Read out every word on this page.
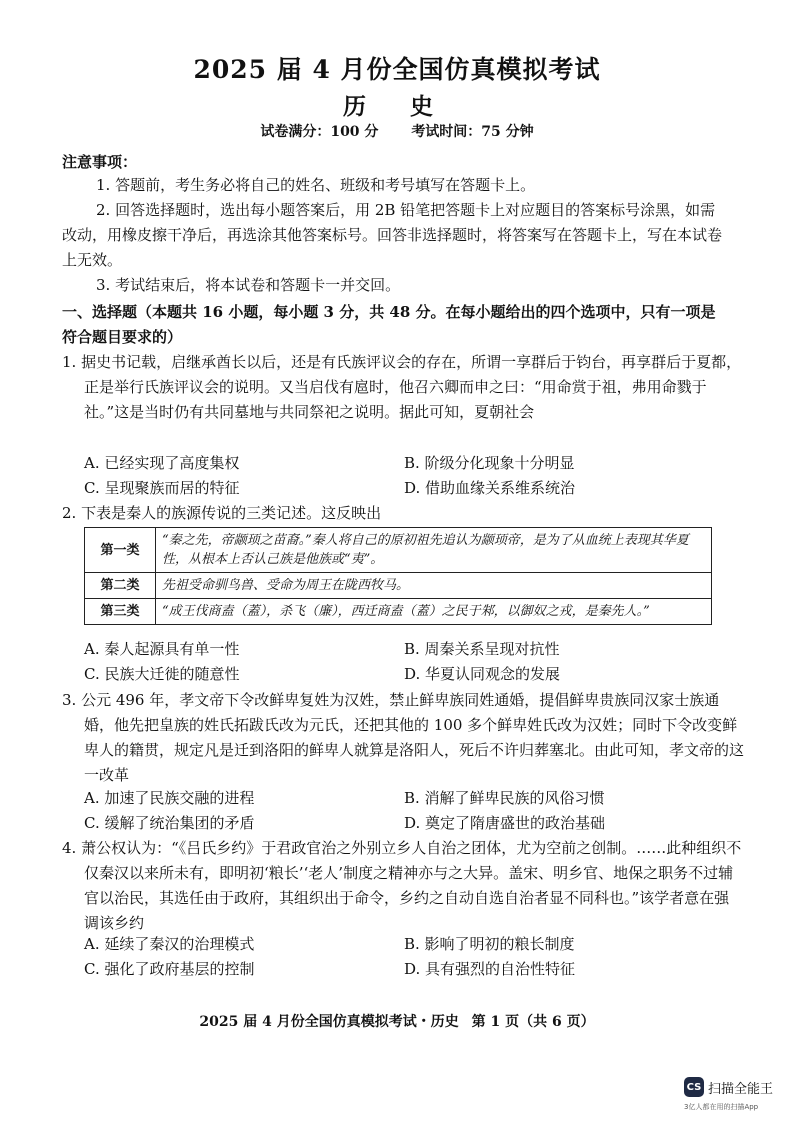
2025 届 4 月份全国仿真模拟考试
历 史
试卷满分：100 分 考试时间：75 分钟
注意事项：
1. 答题前，考生务必将自己的姓名、班级和考号填写在答题卡上。
2. 回答选择题时，选出每小题答案后，用 2B 铅笔把答题卡上对应题目的答案标号涂黑，如需改动，用橡皮擦干净后，再选涂其他答案标号。回答非选择题时，将答案写在答题卡上，写在本试卷上无效。
3. 考试结束后，将本试卷和答题卡一并交回。
一、选择题（本题共 16 小题，每小题 3 分，共 48 分。在每小题给出的四个选项中，只有一项是符合题目要求的）
1. 据史书记载，启继承酋长以后，还是有氏族评议会的存在，所谓一享群后于钧台，再享群后于夏都，正是举行氏族评议会的说明。又当启伐有扈时，他召六卿而申之曰：“用命赏于祖，弗用命戮于社。”这是当时仍有共同墓地与共同祭祀之说明。据此可知，夏朝社会
A. 已经实现了高度集权	B. 阶级分化现象十分明显
C. 呈现聚族而居的特征	D. 借助血缘关系维系统治
2. 下表是秦人的族源传说的三类记述。这反映出
第一类	“秦之先，帝颛顼之苗裔。”秦人将自己的原初祖先追认为颛顼帝，是为了从血统上表现其华夏性，从根本上否认己族是他族或“夷”。
第二类	先祖受命驯鸟兽、受命为周王在陇西牧马。
第三类	“成王伐商盍（蓋），杀飞（廉），西迁商盍（蓋）之民于邾，以御奴之戎，是秦先人。”
A. 秦人起源具有单一性	B. 周秦关系呈现对抗性
C. 民族大迁徙的随意性	D. 华夏认同观念的发展
3. 公元 496 年，孝文帝下令改鲜卑复姓为汉姓，禁止鲜卑族同姓通婚，提倡鲜卑贵族同汉家士族通婚，他先把皇族的姓氏拓跋氏改为元氏，还把其他的 100 多个鲜卑姓氏改为汉姓；同时下令改变鲜卑人的籍贯，规定凡是迁到洛阳的鲜卑人就算是洛阳人，死后不许归葬塞北。由此可知，孝文帝的这一改革
A. 加速了民族交融的进程	B. 消解了鲜卑民族的风俗习惯
C. 缓解了统治集团的矛盾	D. 奠定了隋唐盛世的政治基础
4. 萧公权认为：“《吕氏乡约》于君政官治之外别立乡人自治之团体，尤为空前之创制。……此种组织不仅秦汉以来所未有，即明初‘粮长’‘老人’制度之精神亦与之大异。盖宋、明乡官、地保之职务不过辅官以治民，其选任由于政府，其组织出于命令，乡约之自动自选自治者显不同科也。”该学者意在强调该乡约
A. 延续了秦汉的治理模式	B. 影响了明初的粮长制度
C. 强化了政府基层的控制	D. 具有强烈的自治性特征
2025 届 4 月份全国仿真模拟考试・历史 第 1 页（共 6 页）
CS 扫描全能王
3亿人都在用的扫描App
